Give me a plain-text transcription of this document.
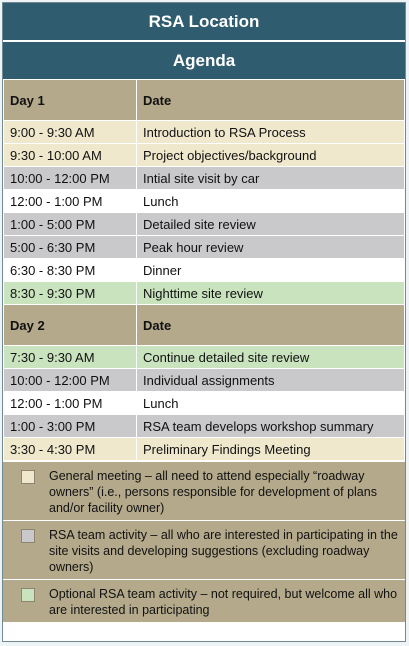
RSA Location
Agenda
Day 1	Date
9:00 - 9:30 AM	Introduction to RSA Process
9:30 - 10:00 AM	Project objectives/background
10:00 - 12:00 PM	Intial site visit by car
12:00 - 1:00 PM	Lunch
1:00 - 5:00 PM	Detailed site review
5:00 - 6:30 PM	Peak hour review
6:30 - 8:30 PM	Dinner
8:30 - 9:30 PM	Nighttime site review
Day 2	Date
7:30 - 9:30 AM	Continue detailed site review
10:00 - 12:00 PM	Individual assignments
12:00 - 1:00 PM	Lunch
1:00 - 3:00 PM	RSA team develops workshop summary
3:30 - 4:30 PM	Preliminary Findings Meeting
General meeting – all need to attend especially “roadway owners” (i.e., persons responsible for development of plans and/or facility owner)
RSA team activity – all who are interested in participating in the site visits and developing suggestions (excluding roadway owners)
Optional RSA team activity – not required, but welcome all who are interested in participating
